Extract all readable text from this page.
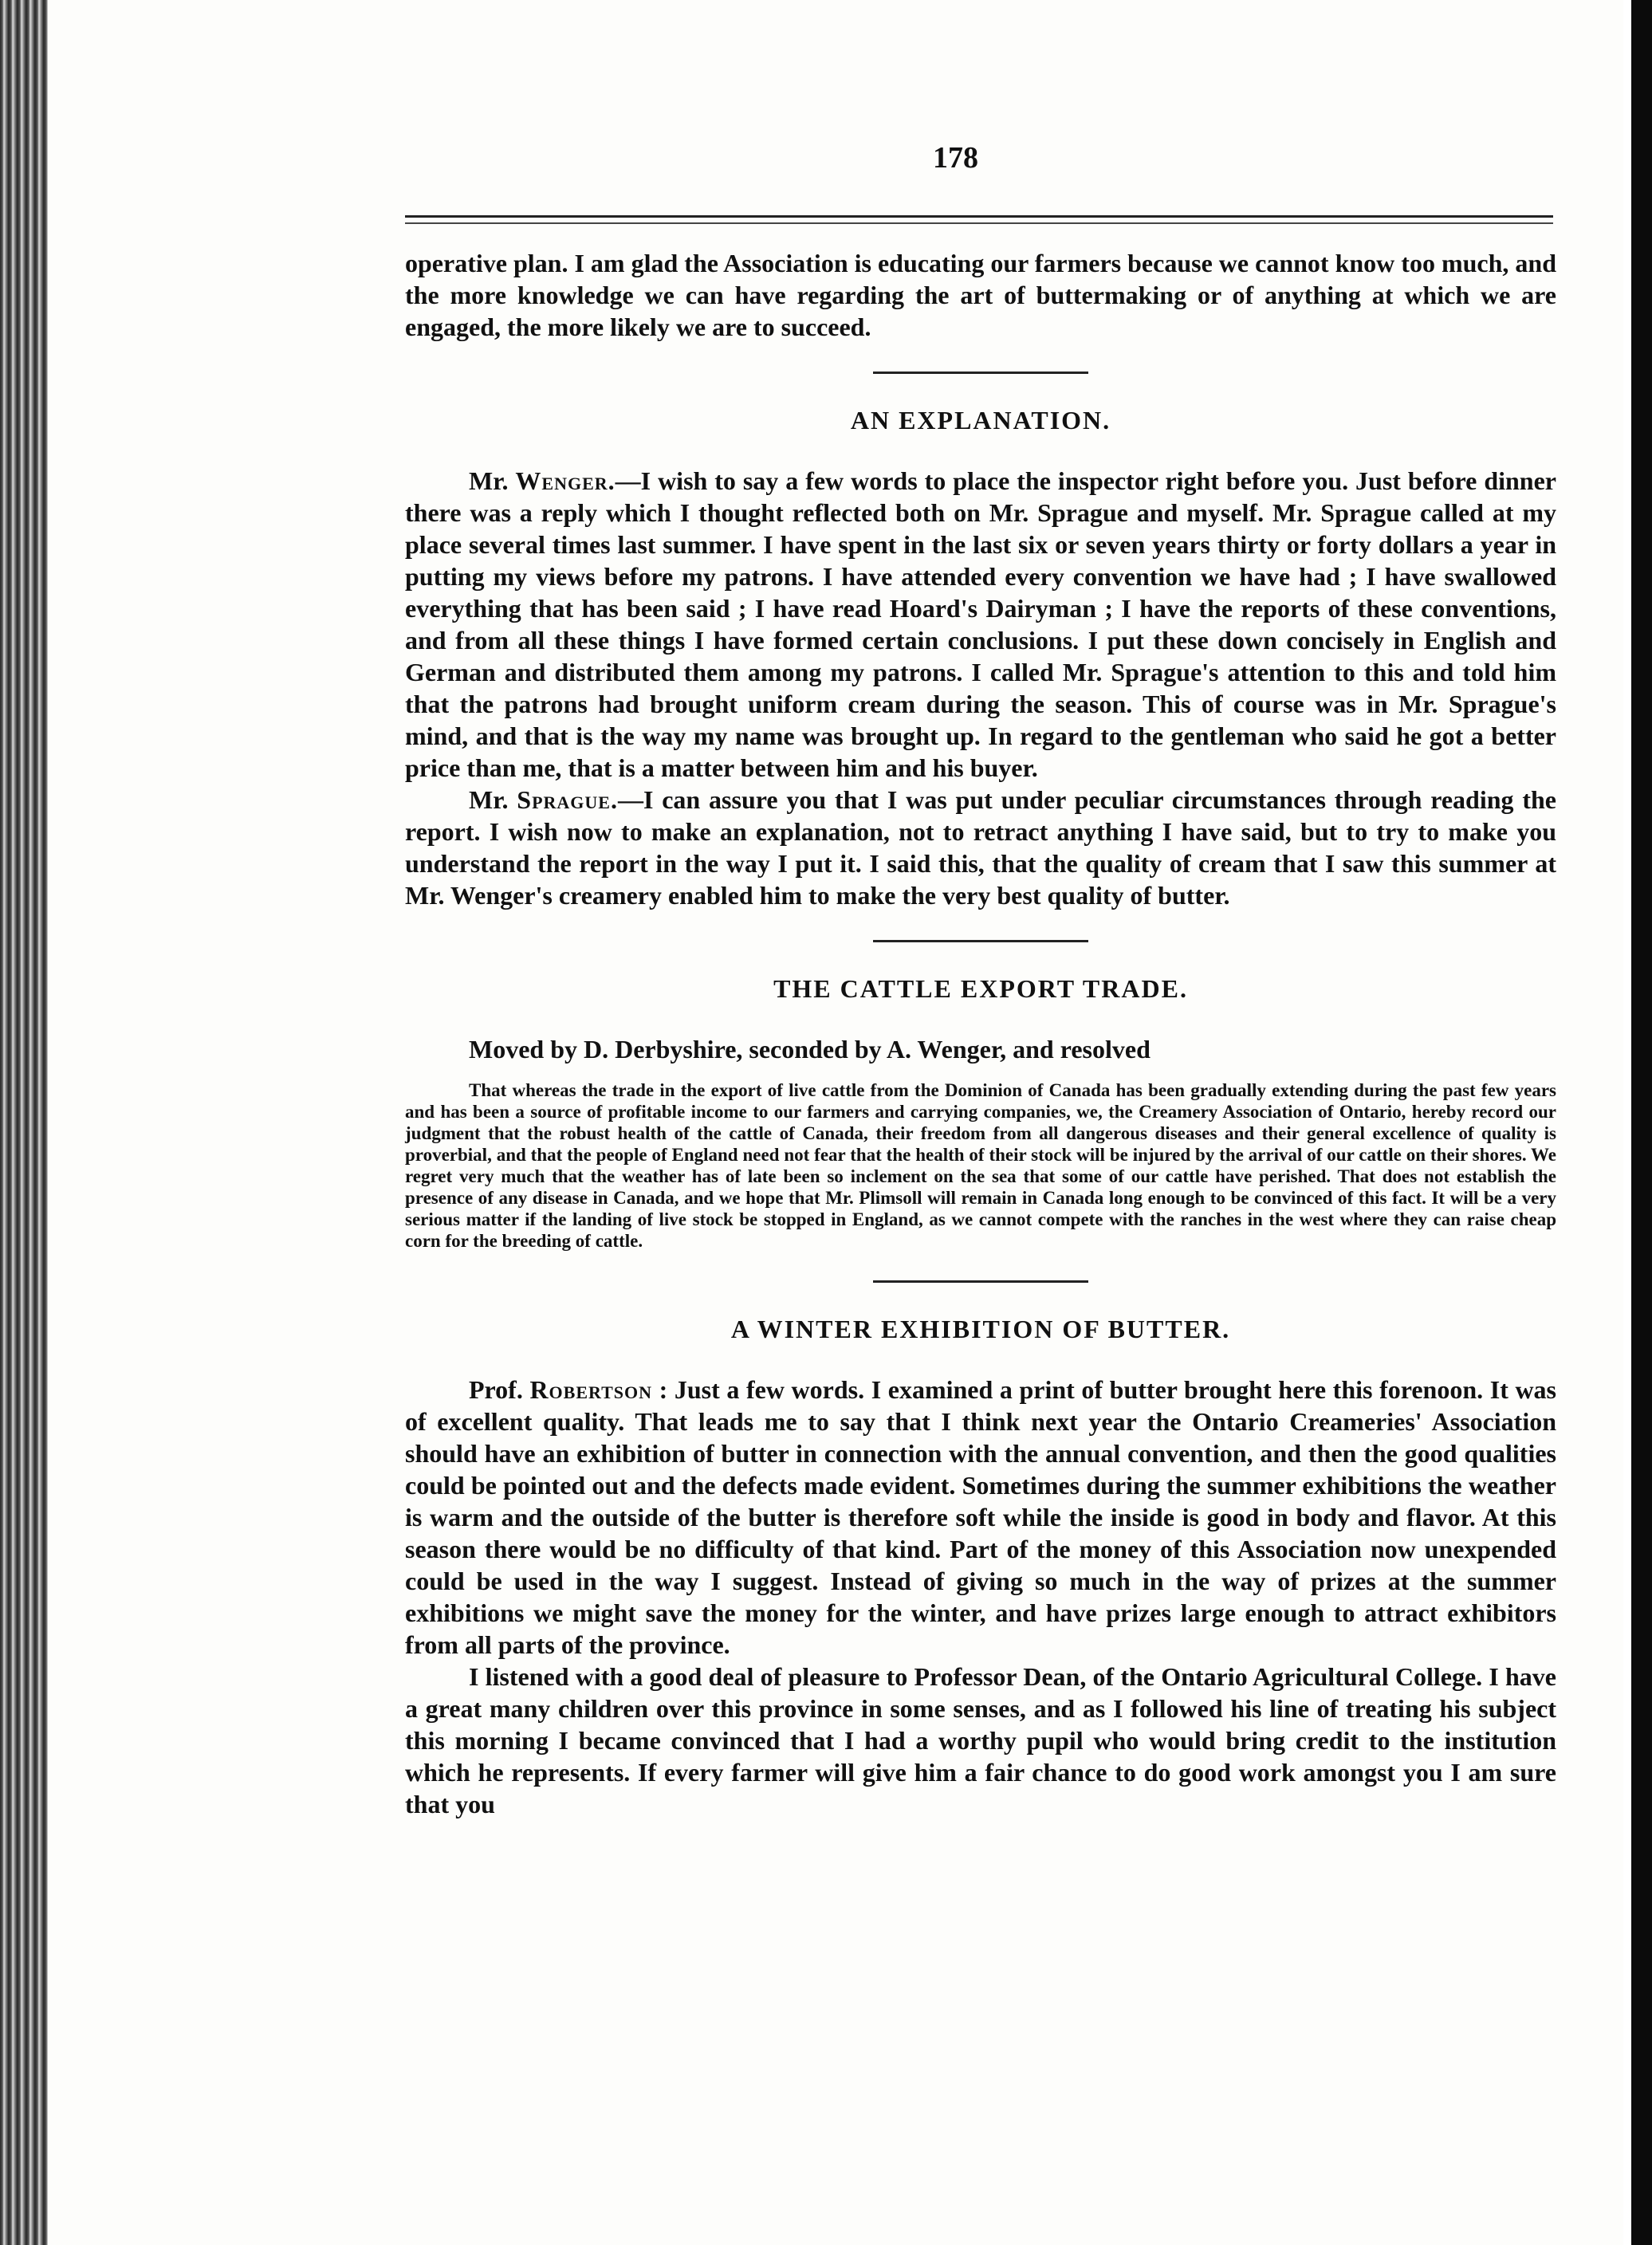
178

operative plan. I am glad the Association is educating our farmers because we cannot know too much, and the more knowledge we can have regarding the art of buttermaking or of anything at which we are engaged, the more likely we are to succeed.

AN EXPLANATION.

Mr. Wenger.—I wish to say a few words to place the inspector right before you. Just before dinner there was a reply which I thought reflected both on Mr. Sprague and myself. Mr. Sprague called at my place several times last summer. I have spent in the last six or seven years thirty or forty dollars a year in putting my views before my patrons. I have attended every convention we have had ; I have swallowed everything that has been said ; I have read Hoard's Dairyman ; I have the reports of these conventions, and from all these things I have formed certain conclusions. I put these down concisely in English and German and distributed them among my patrons. I called Mr. Sprague's attention to this and told him that the patrons had brought uniform cream during the season. This of course was in Mr. Sprague's mind, and that is the way my name was brought up. In regard to the gentleman who said he got a better price than me, that is a matter between him and his buyer.

Mr. Sprague.—I can assure you that I was put under peculiar circumstances through reading the report. I wish now to make an explanation, not to retract anything I have said, but to try to make you understand the report in the way I put it. I said this, that the quality of cream that I saw this summer at Mr. Wenger's creamery enabled him to make the very best quality of butter.

THE CATTLE EXPORT TRADE.

Moved by D. Derbyshire, seconded by A. Wenger, and resolved

That whereas the trade in the export of live cattle from the Dominion of Canada has been gradually extending during the past few years and has been a source of profitable income to our farmers and carrying companies, we, the Creamery Association of Ontario, hereby record our judgment that the robust health of the cattle of Canada, their freedom from all dangerous diseases and their general excellence of quality is proverbial, and that the people of England need not fear that the health of their stock will be injured by the arrival of our cattle on their shores. We regret very much that the weather has of late been so inclement on the sea that some of our cattle have perished. That does not establish the presence of any disease in Canada, and we hope that Mr. Plimsoll will remain in Canada long enough to be convinced of this fact. It will be a very serious matter if the landing of live stock be stopped in England, as we cannot compete with the ranches in the west where they can raise cheap corn for the breeding of cattle.

A WINTER EXHIBITION OF BUTTER.

Prof. Robertson : Just a few words. I examined a print of butter brought here this forenoon. It was of excellent quality. That leads me to say that I think next year the Ontario Creameries' Association should have an exhibition of butter in connection with the annual convention, and then the good qualities could be pointed out and the defects made evident. Sometimes during the summer exhibitions the weather is warm and the outside of the butter is therefore soft while the inside is good in body and flavor. At this season there would be no difficulty of that kind. Part of the money of this Association now unexpended could be used in the way I suggest. Instead of giving so much in the way of prizes at the summer exhibitions we might save the money for the winter, and have prizes large enough to attract exhibitors from all parts of the province.

I listened with a good deal of pleasure to Professor Dean, of the Ontario Agricultural College. I have a great many children over this province in some senses, and as I followed his line of treating his subject this morning I became convinced that I had a worthy pupil who would bring credit to the institution which he represents. If every farmer will give him a fair chance to do good work amongst you I am sure that you
